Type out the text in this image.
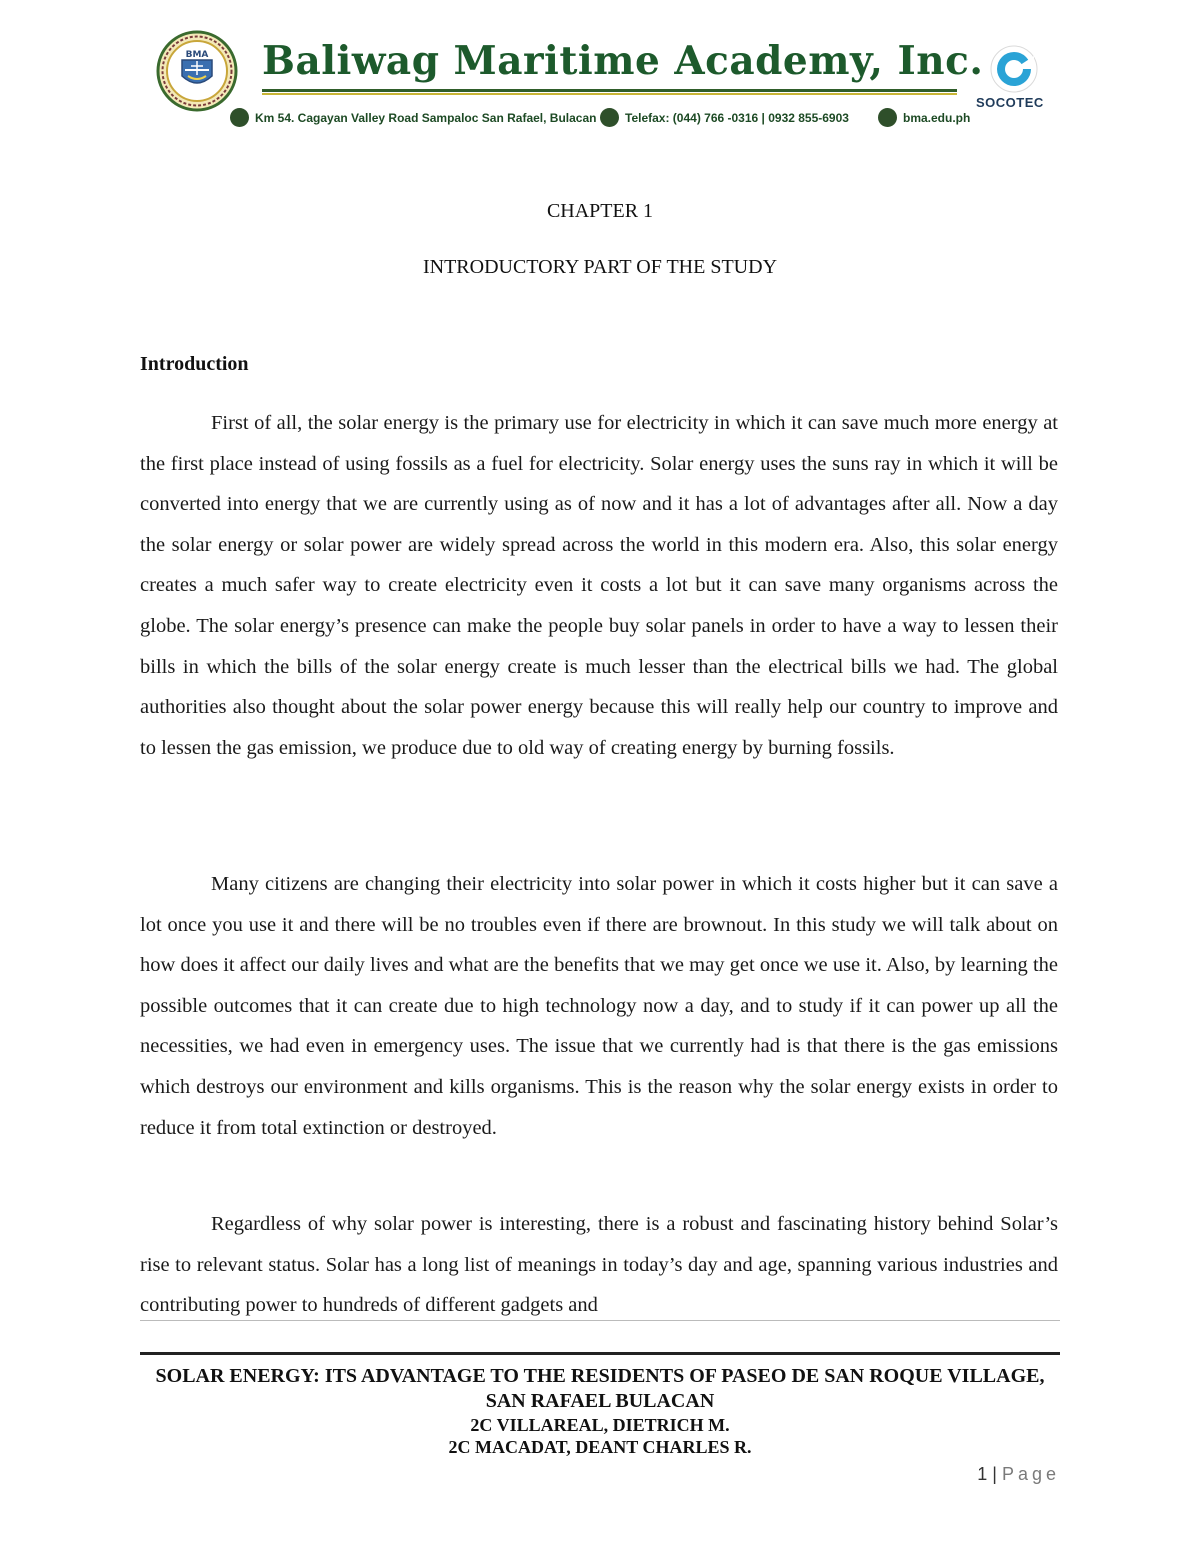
BMA Baliwag Maritime Academy, Inc.
Km 54. Cagayan Valley Road Sampaloc San Rafael, Bulacan Telefax: (044) 766 -0316 | 0932 855-6903	bma.edu.ph
SOCOTEC
CHAPTER 1
INTRODUCTORY PART OF THE STUDY
Introduction

First of all, the solar energy is the primary use for electricity in which it can save much more energy at the first place instead of using fossils as a fuel for electricity. Solar energy uses the suns ray in which it will be converted into energy that we are currently using as of now and it has a lot of advantages after all. Now a day the solar energy or solar power are widely spread across the world in this modern era. Also, this solar energy creates a much safer way to create electricity even it costs a lot but it can save many organisms across the globe. The solar energy’s presence can make the people buy solar panels in order to have a way to lessen their bills in which the bills of the solar energy create is much lesser than the electrical bills we had. The global authorities also thought about the solar power energy because this will really help our country to improve and to lessen the gas emission, we produce due to old way of creating energy by burning fossils.

Many citizens are changing their electricity into solar power in which it costs higher but it can save a lot once you use it and there will be no troubles even if there are brownout. In this study we will talk about on how does it affect our daily lives and what are the benefits that we may get once we use it. Also, by learning the possible outcomes that it can create due to high technology now a day, and to study if it can power up all the necessities, we had even in emergency uses. The issue that we currently had is that there is the gas emissions which destroys our environment and kills organisms. This is the reason why the solar energy exists in order to reduce it from total extinction or destroyed.

Regardless of why solar power is interesting, there is a robust and fascinating history behind Solar’s rise to relevant status. Solar has a long list of meanings in today’s day and age, spanning various industries and contributing power to hundreds of different gadgets and

SOLAR ENERGY: ITS ADVANTAGE TO THE RESIDENTS OF PASEO DE SAN ROQUE VILLAGE, SAN RAFAEL BULACAN
2C VILLAREAL, DIETRICH M.
2C MACADAT, DEANT CHARLES R.
1 | Page
